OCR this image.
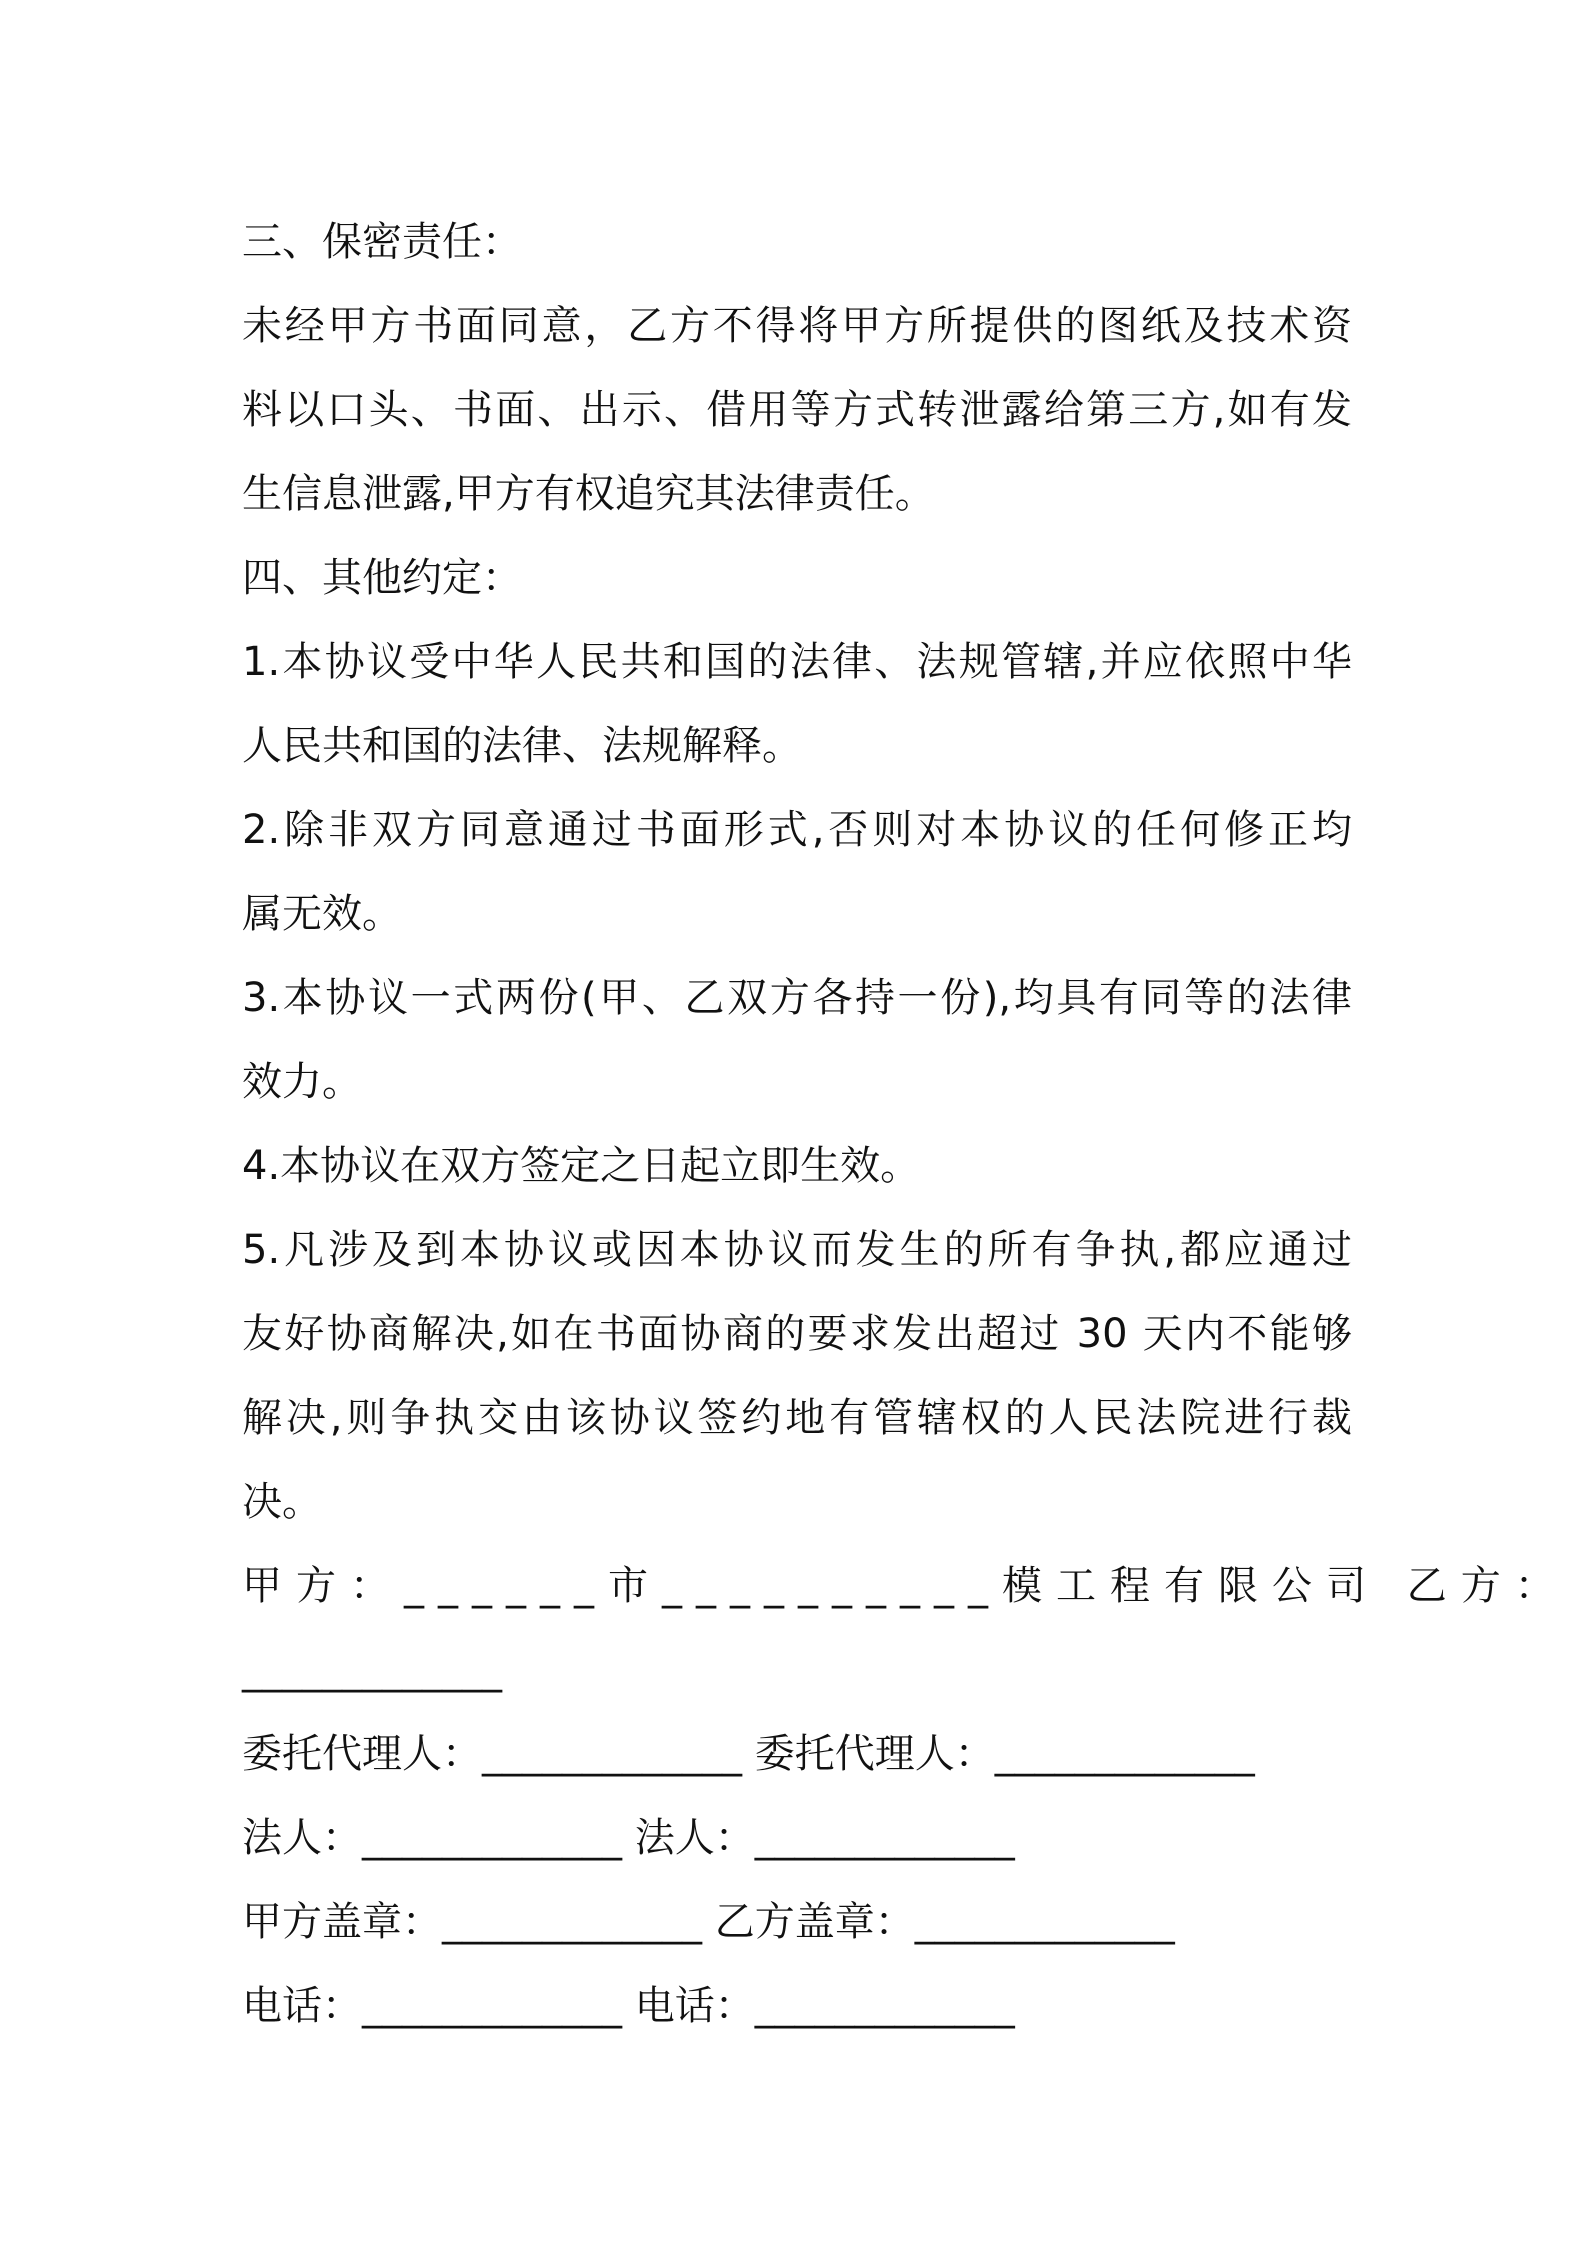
三、保密责任：
未经甲方书面同意，乙方不得将甲方所提供的图纸及技术资
料以口头、书面、出示、借用等方式转泄露给第三方,如有发
生信息泄露,甲方有权追究其法律责任。
四、其他约定：
1.本协议受中华人民共和国的法律、法规管辖,并应依照中华
人民共和国的法律、法规解释。
2.除非双方同意通过书面形式,否则对本协议的任何修正均
属无效。
3.本协议一式两份(甲、乙双方各持一份),均具有同等的法律
效力。
4.本协议在双方签定之日起立即生效。
5.凡涉及到本协议或因本协议而发生的所有争执,都应通过
友好协商解决,如在书面协商的要求发出超过 30 天内不能够
解决,则争执交由该协议签约地有管辖权的人民法院进行裁
决。
甲方：______市__________模工程有限公司 乙方：
_____________
委托代理人：_____________ 委托代理人：_____________
法人：_____________ 法人：_____________
甲方盖章：_____________ 乙方盖章：_____________
电话：_____________ 电话：_____________
